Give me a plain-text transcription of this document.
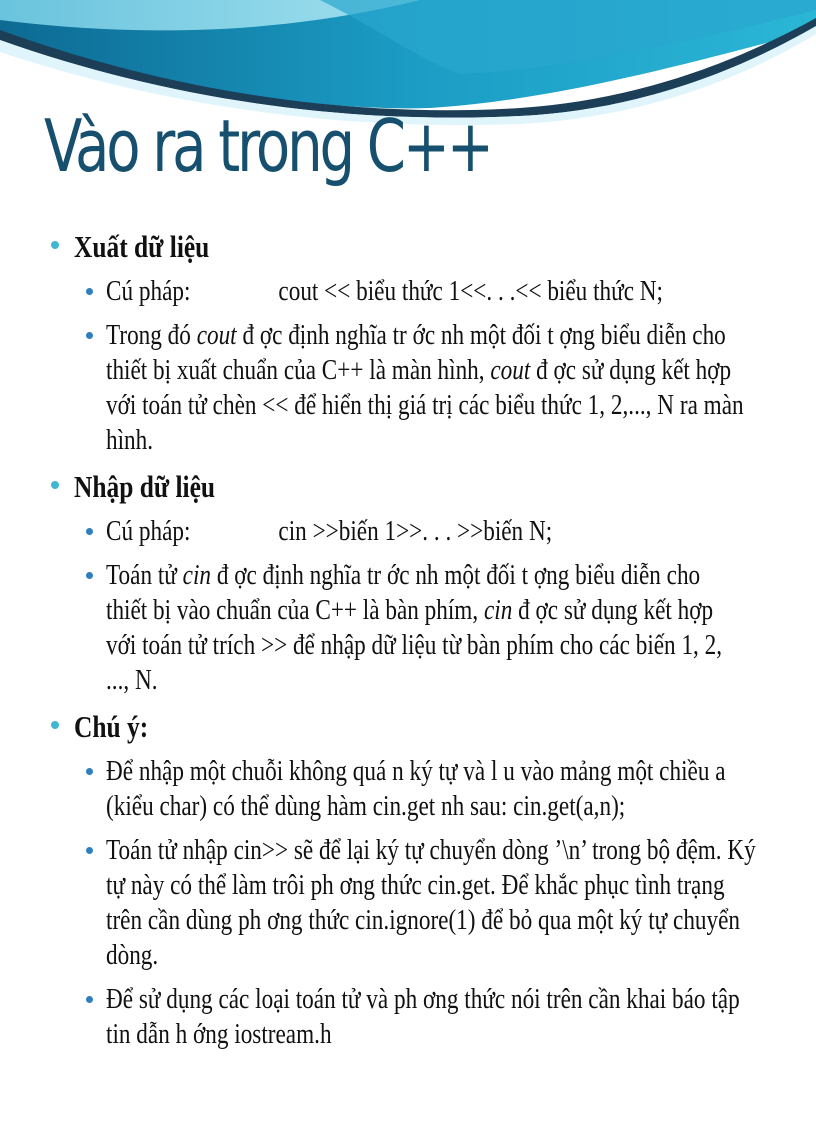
Vào ra trong C++
Xuất dữ liệu
Cú pháp:	cout << biểu thức 1<<. . .<< biểu thức N;
Trong đó cout đ ợc định nghĩa tr ớc nh một đối t ợng biểu diễn cho thiết bị xuất chuẩn của C++ là màn hình, cout đ ợc sử dụng kết hợp với toán tử chèn << để hiển thị giá trị các biểu thức 1, 2,..., N ra màn hình.
Nhập dữ liệu
Cú pháp:	cin >>biến 1>>. . . >>biến N;
Toán tử cin đ ợc định nghĩa tr ớc nh một đối t ợng biểu diễn cho thiết bị vào chuẩn của C++ là bàn phím, cin đ ợc sử dụng kết hợp với toán tử trích >> để nhập dữ liệu từ bàn phím cho các biến 1, 2, ..., N.
Chú ý:
Để nhập một chuỗi không quá n ký tự và l u vào mảng một chiều a (kiểu char) có thể dùng hàm cin.get nh sau: cin.get(a,n);
Toán tử nhập cin>> sẽ để lại ký tự chuyển dòng ’\n’ trong bộ đệm. Ký tự này có thể làm trôi ph ơng thức cin.get. Để khắc phục tình trạng trên cần dùng ph ơng thức cin.ignore(1) để bỏ qua một ký tự chuyển dòng.
Để sử dụng các loại toán tử và ph ơng thức nói trên cần khai báo tập tin dẫn h ớng iostream.h
